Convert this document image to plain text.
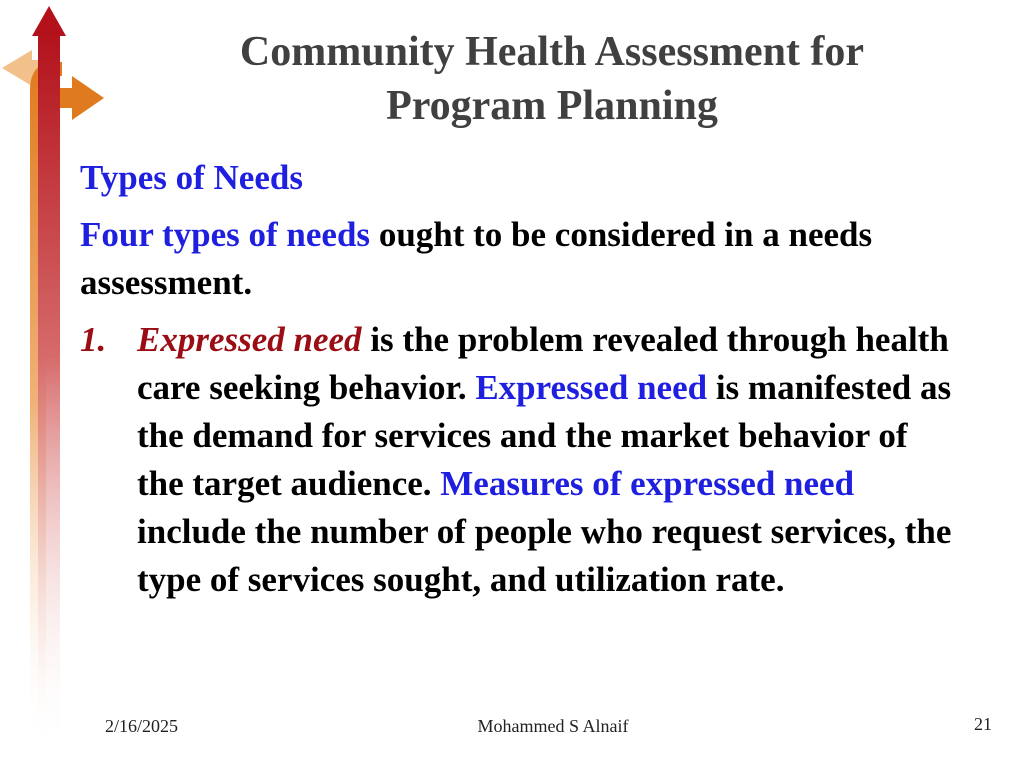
Community Health Assessment for
Program Planning
Types of Needs
Four types of needs ought to be considered in a needs assessment.
1. Expressed need is the problem revealed through health care seeking behavior. Expressed need is manifested as the demand for services and the market behavior of the target audience. Measures of expressed need include the number of people who request services, the type of services sought, and utilization rate.
2/16/2025	Mohammed S Alnaif	21
